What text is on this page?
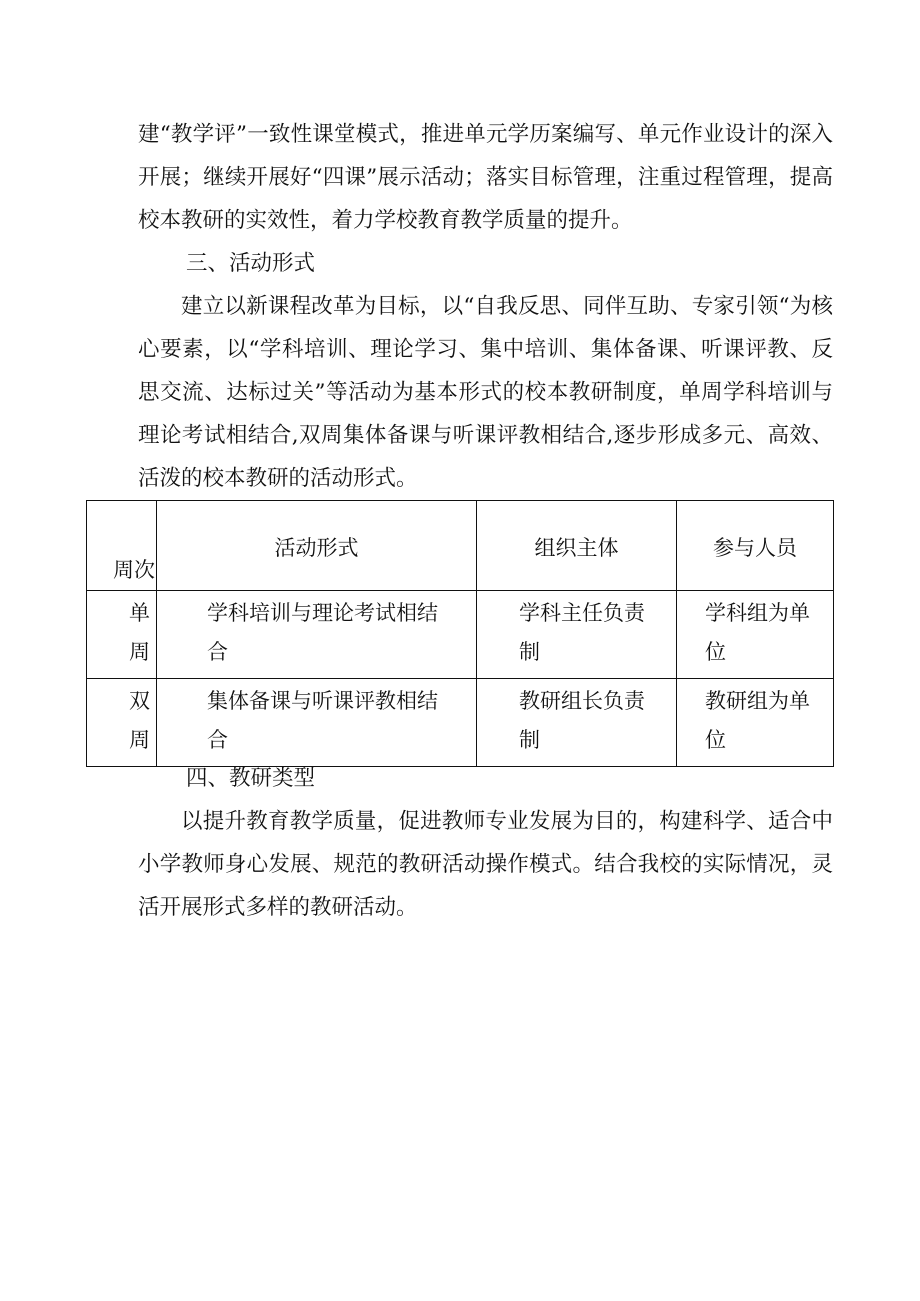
建“教学评”一致性课堂模式，推进单元学历案编写、单元作业设计的深入开展；继续开展好“四课”展示活动；落实目标管理，注重过程管理，提高校本教研的实效性，着力学校教育教学质量的提升。

三、活动形式

建立以新课程改革为目标，以“自我反思、同伴互助、专家引领“为核心要素，以“学科培训、理论学习、集中培训、集体备课、听课评教、反思交流、达标过关”等活动为基本形式的校本教研制度，单周学科培训与理论考试相结合,双周集体备课与听课评教相结合,逐步形成多元、高效、活泼的校本教研的活动形式。

周次	活动形式	组织主体	参与人员

单
周	学科培训与理论考试相结合	学科主任负责制	学科组为单位

双
周	集体备课与听课评教相结合	教研组长负责制	教研组为单位

四、教研类型

以提升教育教学质量，促进教师专业发展为目的，构建科学、适合中小学教师身心发展、规范的教研活动操作模式。结合我校的实际情况，灵活开展形式多样的教研活动。
